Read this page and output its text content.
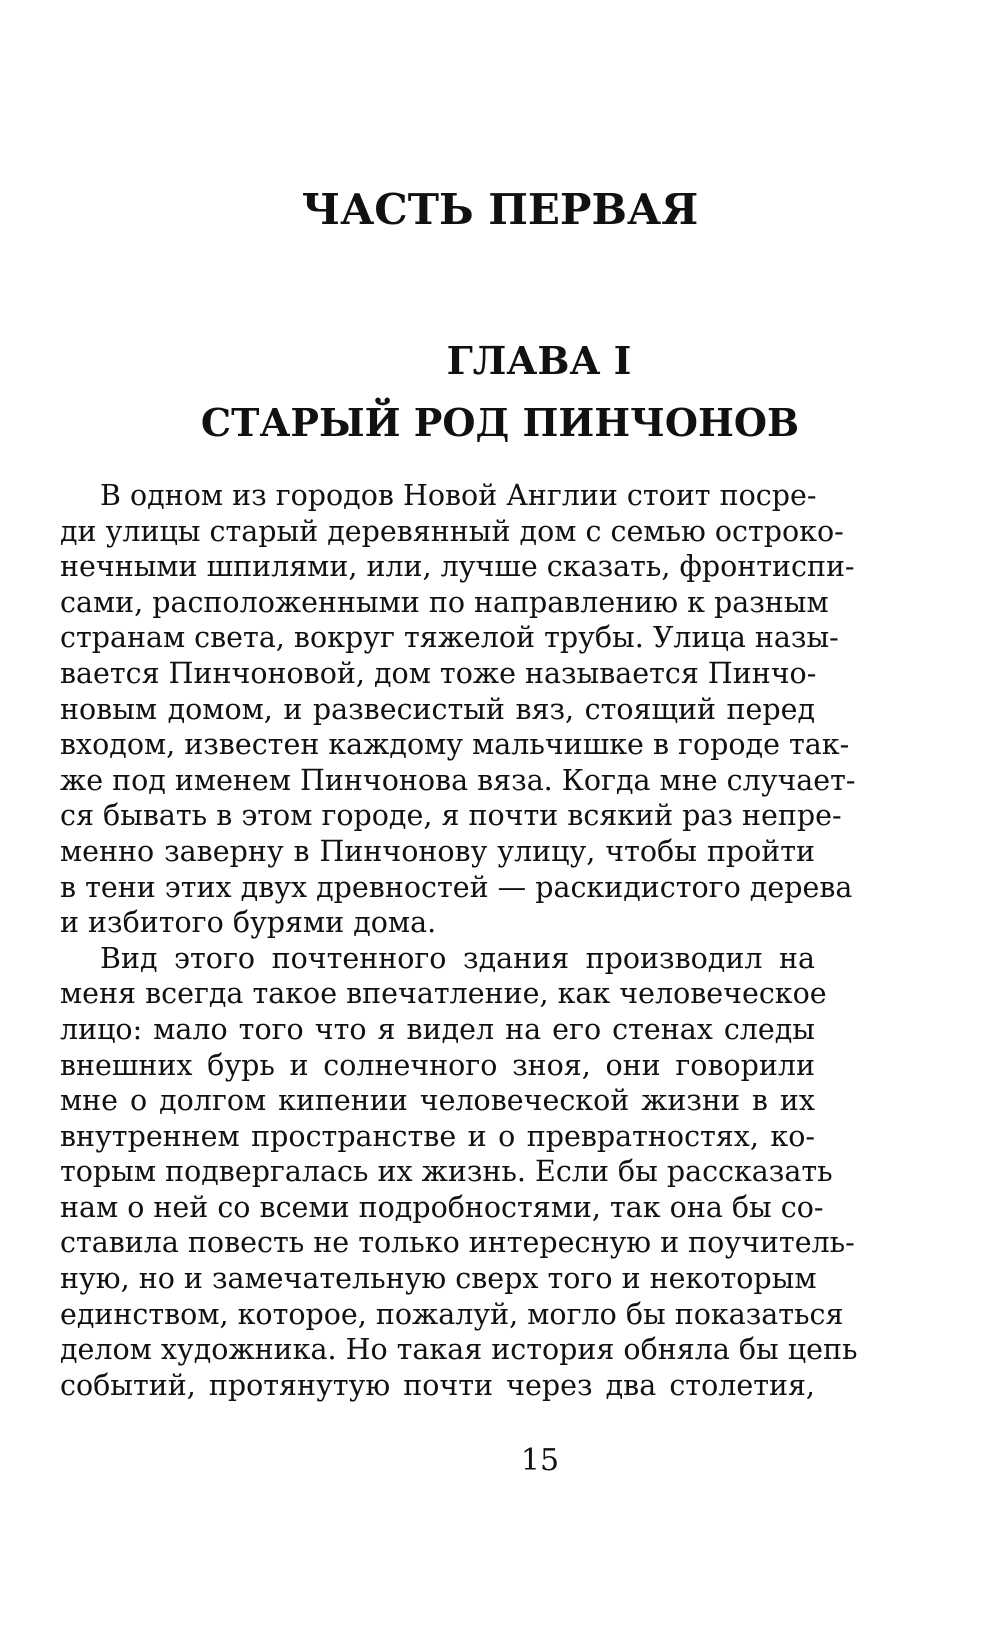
ЧАСТЬ ПЕРВАЯ
ГЛАВА I
СТАРЫЙ РОД ПИНЧОНОВ
В одном из городов Новой Англии стоит посре-
ди улицы старый деревянный дом с семью остроко-
нечными шпилями, или, лучше сказать, фронтиспи-
сами, расположенными по направлению к разным
странам света, вокруг тяжелой трубы. Улица назы-
вается Пинчоновой, дом тоже называется Пинчо-
новым домом, и развесистый вяз, стоящий перед
входом, известен каждому мальчишке в городе так-
же под именем Пинчонова вяза. Когда мне случает-
ся бывать в этом городе, я почти всякий раз непре-
менно заверну в Пинчонову улицу, чтобы пройти
в тени этих двух древностей — раскидистого дерева
и избитого бурями дома.
Вид этого почтенного здания производил на
меня всегда такое впечатление, как человеческое
лицо: мало того что я видел на его стенах следы
внешних бурь и солнечного зноя, они говорили
мне о долгом кипении человеческой жизни в их
внутреннем пространстве и о превратностях, ко-
торым подвергалась их жизнь. Если бы рассказать
нам о ней со всеми подробностями, так она бы со-
ставила повесть не только интересную и поучитель-
ную, но и замечательную сверх того и некоторым
единством, которое, пожалуй, могло бы показаться
делом художника. Но такая история обняла бы цепь
событий, протянутую почти через два столетия,
15
